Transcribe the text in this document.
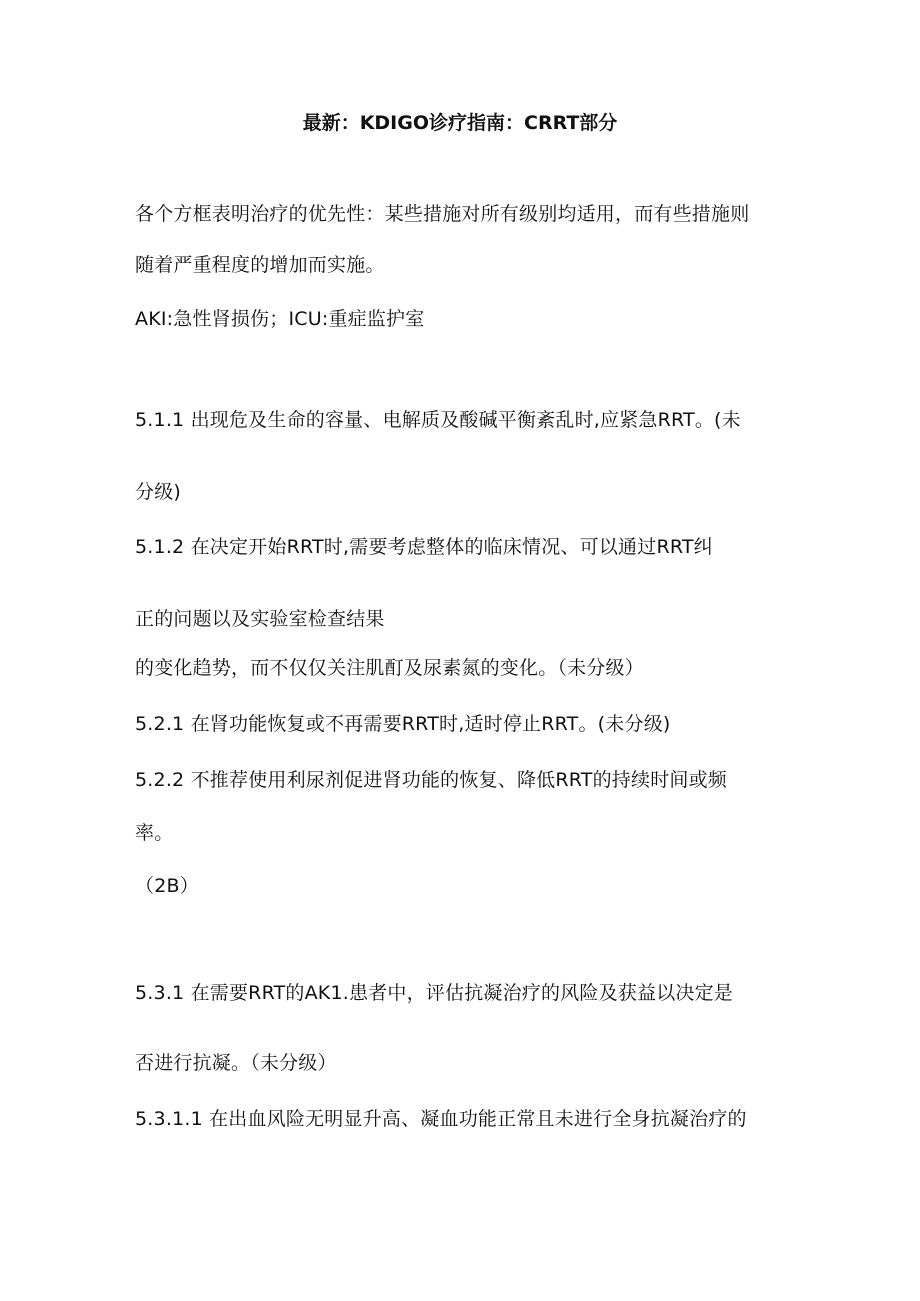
最新：KDIGO诊疗指南：CRRT部分
各个方框表明治疗的优先性：某些措施对所有级别均适用，而有些措施则
随着严重程度的增加而实施。
AKI:急性肾损伤；ICU:重症监护室
5.1.1 出现危及生命的容量、电解质及酸碱平衡紊乱时,应紧急RRT。(未
分级)
5.1.2 在决定开始RRT时,需要考虑整体的临床情况、可以通过RRT纠
正的问题以及实验室检查结果
的变化趋势，而不仅仅关注肌酊及尿素氮的变化。（未分级）
5.2.1 在肾功能恢复或不再需要RRT时,适时停止RRT。(未分级)
5.2.2 不推荐使用利尿剂促进肾功能的恢复、降低RRT的持续时间或频
率。
（2B）
5.3.1 在需要RRT的AK1.患者中，评估抗凝治疗的风险及获益以决定是
否进行抗凝。（未分级）
5.3.1.1 在出血风险无明显升高、凝血功能正常且未进行全身抗凝治疗的
